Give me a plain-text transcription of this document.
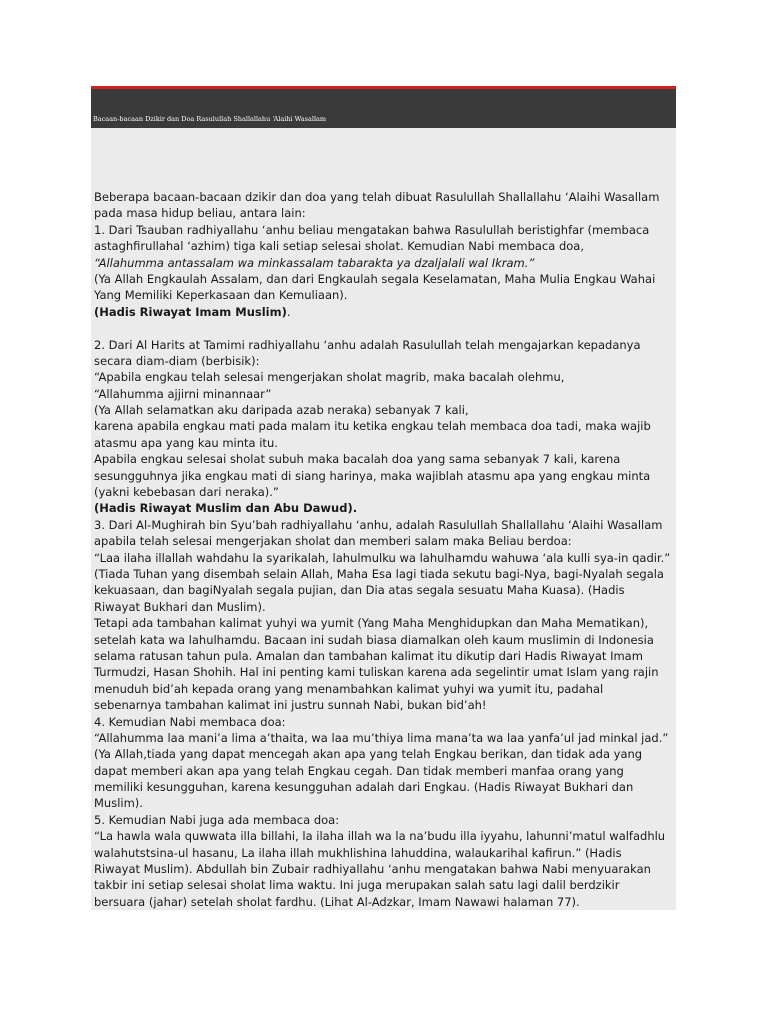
Bacaan-bacaan Dzikir dan Doa Rasulullah Shallallahu ‘Alaihi Wasallam
Beberapa bacaan-bacaan dzikir dan doa yang telah dibuat Rasulullah Shallallahu ‘Alaihi Wasallam
pada masa hidup beliau, antara lain:
1. Dari Tsauban radhiyallahu ‘anhu beliau mengatakan bahwa Rasulullah beristighfar (membaca
astaghfirullahal ‘azhim) tiga kali setiap selesai sholat. Kemudian Nabi membaca doa,
“Allahumma antassalam wa minkassalam tabarakta ya dzaljalali wal Ikram.”
(Ya Allah Engkaulah Assalam, dan dari Engkaulah segala Keselamatan, Maha Mulia Engkau Wahai
Yang Memiliki Keperkasaan dan Kemuliaan).
(Hadis Riwayat Imam Muslim).
2. Dari Al Harits at Tamimi radhiyallahu ‘anhu adalah Rasulullah telah mengajarkan kepadanya
secara diam-diam (berbisik):
“Apabila engkau telah selesai mengerjakan sholat magrib, maka bacalah olehmu,
“Allahumma ajjirni minannaar”
(Ya Allah selamatkan aku daripada azab neraka) sebanyak 7 kali,
karena apabila engkau mati pada malam itu ketika engkau telah membaca doa tadi, maka wajib
atasmu apa yang kau minta itu.
Apabila engkau selesai sholat subuh maka bacalah doa yang sama sebanyak 7 kali, karena
sesungguhnya jika engkau mati di siang harinya, maka wajiblah atasmu apa yang engkau minta
(yakni kebebasan dari neraka).”
(Hadis Riwayat Muslim dan Abu Dawud).
3. Dari Al-Mughirah bin Syu’bah radhiyallahu ‘anhu, adalah Rasulullah Shallallahu ‘Alaihi Wasallam
apabila telah selesai mengerjakan sholat dan memberi salam maka Beliau berdoa:
“Laa ilaha illallah wahdahu la syarikalah, lahulmulku wa lahulhamdu wahuwa ‘ala kulli sya-in qadir.”
(Tiada Tuhan yang disembah selain Allah, Maha Esa lagi tiada sekutu bagi-Nya, bagi-Nyalah segala
kekuasaan, dan bagiNyalah segala pujian, dan Dia atas segala sesuatu Maha Kuasa). (Hadis
Riwayat Bukhari dan Muslim).
Tetapi ada tambahan kalimat yuhyi wa yumit (Yang Maha Menghidupkan dan Maha Mematikan),
setelah kata wa lahulhamdu. Bacaan ini sudah biasa diamalkan oleh kaum muslimin di Indonesia
selama ratusan tahun pula. Amalan dan tambahan kalimat itu dikutip dari Hadis Riwayat Imam
Turmudzi, Hasan Shohih. Hal ini penting kami tuliskan karena ada segelintir umat Islam yang rajin
menuduh bid’ah kepada orang yang menambahkan kalimat yuhyi wa yumit itu, padahal
sebenarnya tambahan kalimat ini justru sunnah Nabi, bukan bid’ah!
4. Kemudian Nabi membaca doa:
“Allahumma laa mani’a lima a’thaita, wa laa mu’thiya lima mana’ta wa laa yanfa’ul jad minkal jad.”
(Ya Allah,tiada yang dapat mencegah akan apa yang telah Engkau berikan, dan tidak ada yang
dapat memberi akan apa yang telah Engkau cegah. Dan tidak memberi manfaa orang yang
memiliki kesungguhan, karena kesungguhan adalah dari Engkau. (Hadis Riwayat Bukhari dan
Muslim).
5. Kemudian Nabi juga ada membaca doa:
“La hawla wala quwwata illa billahi, la ilaha illah wa la na’budu illa iyyahu, lahunni’matul walfadhlu
walahutstsina-ul hasanu, La ilaha illah mukhlishina lahuddina, walaukarihal kafirun.” (Hadis
Riwayat Muslim). Abdullah bin Zubair radhiyallahu ‘anhu mengatakan bahwa Nabi menyuarakan
takbir ini setiap selesai sholat lima waktu. Ini juga merupakan salah satu lagi dalil berdzikir
bersuara (jahar) setelah sholat fardhu. (Lihat Al-Adzkar, Imam Nawawi halaman 77).
